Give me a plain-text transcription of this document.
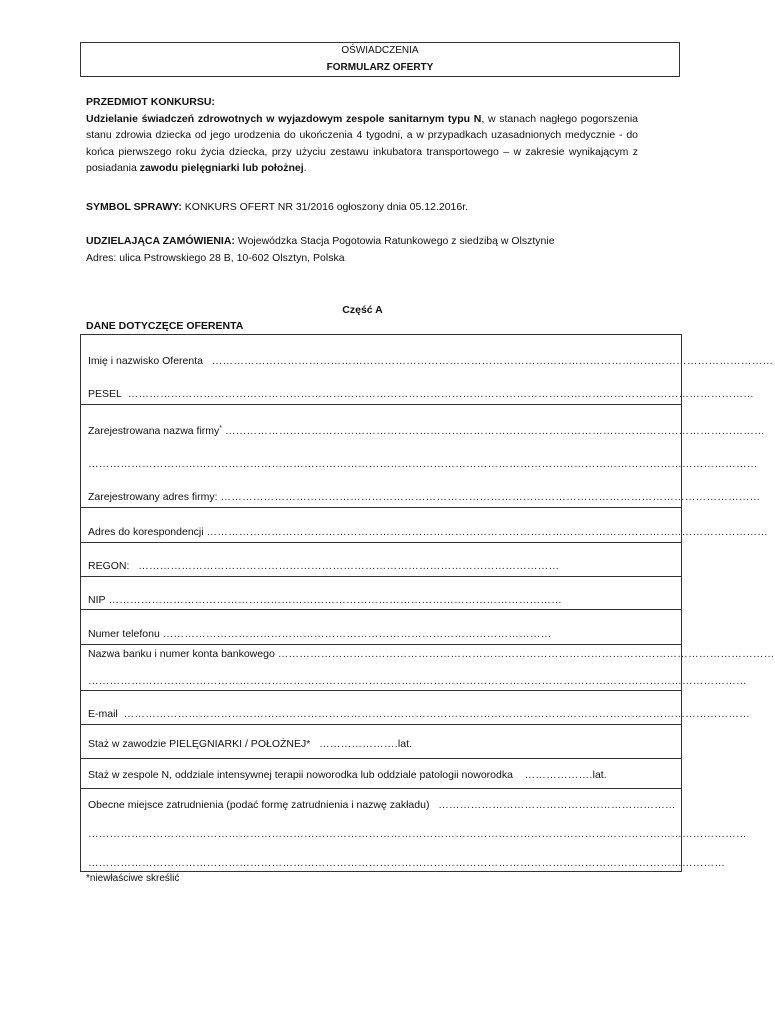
OŚWIADCZENIA
FORMULARZ OFERTY
PRZEDMIOT KONKURSU:
Udzielanie świadczeń zdrowotnych w wyjazdowym zespole sanitarnym typu N, w stanach nagłego pogorszenia stanu zdrowia dziecka od jego urodzenia do ukończenia 4 tygodni, a w przypadkach uzasadnionych medycznie - do końca pierwszego roku życia dziecka, przy użyciu zestawu inkubatora transportowego – w zakresie wynikającym z posiadania zawodu pielęgniarki lub położnej.
SYMBOL SPRAWY: KONKURS OFERT NR 31/2016 ogłoszony dnia 05.12.2016r.
UDZIELAJĄCA ZAMÓWIENIA: Wojewódzka Stacja Pogotowia Ratunkowego z siedzibą w Olsztynie
Adres: ulica Pstrowskiego 28 B, 10-602 Olsztyn, Polska
Część A
DANE DOTYCZĘCE OFERENTA
Imię i nazwisko Oferenta …………………………………………………………………………………………………………………………………………
PESEL …………………………………………………………………………………………………………………………………………………………
Zarejestrowana nazwa firmy* ……………………………………………………………………………………………………………………………………
……………………………………………………………………………………………………………………………………………………………………
Zarejestrowany adres firmy: ……………………………………………………………………………………………………………………………………
Adres do korespondencji …………………………………………………………………………………………………………………………………………
REGON: ………………………………………………………………………………………………………
NIP ………………………………………………………………………………………………………………
Numer telefonu ………………………………………………………………………………………………
Nazwa banku i numer konta bankowego …………………………………………………………………………………………………………………………
…………………………………………………………………………………………………………………………………………………………………
E-mail …………………………………………………………………………………………………………………………………………………………
Staż w zawodzie PIELĘGNIARKI / POŁOŻNEJ* ………………….lat.
Staż w zespole N, oddziale intensywnej terapii noworodka lub oddziale patologii noworodka ……………….lat.
Obecne miejsce zatrudnienia (podać formę zatrudnienia i nazwę zakładu) …………………………………………………………
…………………………………………………………………………………………………………………………………………………………………
……………………………………………………………………………………………………………………………………………………………
*niewłaściwe skreślić
